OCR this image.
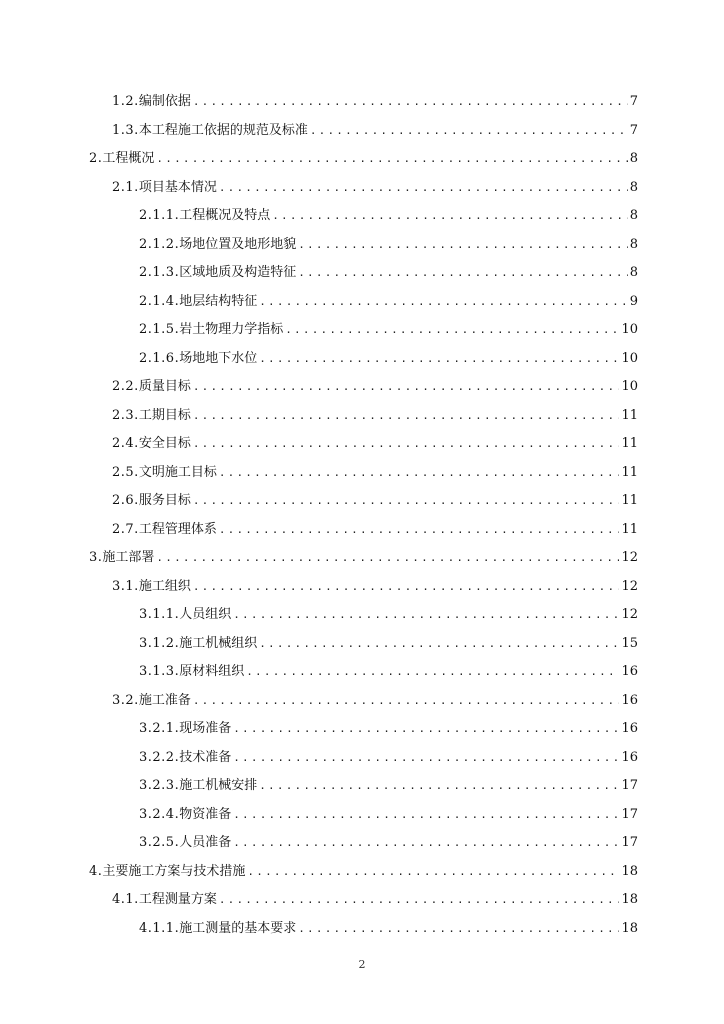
1.2. 编制依据 .....	7
1.3. 本工程施工依据的规范及标准 .....	7
2. 工程概况 .....	8
2.1. 项目基本情况 .....	8
2.1.1. 工程概况及特点 .....	8
2.1.2. 场地位置及地形地貌 .....	8
2.1.3. 区域地质及构造特征 .....	8
2.1.4. 地层结构特征 .....	9
2.1.5. 岩土物理力学指标 .....	10
2.1.6. 场地地下水位 .....	10
2.2. 质量目标 .....	10
2.3. 工期目标 .....	11
2.4. 安全目标 .....	11
2.5. 文明施工目标 .....	11
2.6. 服务目标 .....	11
2.7. 工程管理体系 .....	11
3. 施工部署 .....	12
3.1. 施工组织 .....	12
3.1.1. 人员组织 .....	12
3.1.2. 施工机械组织 .....	15
3.1.3. 原材料组织 .....	16
3.2. 施工准备 .....	16
3.2.1. 现场准备 .....	16
3.2.2. 技术准备 .....	16
3.2.3. 施工机械安排 .....	17
3.2.4. 物资准备 .....	17
3.2.5. 人员准备 .....	17
4. 主要施工方案与技术措施 .....	18
4.1. 工程测量方案 .....	18
4.1.1. 施工测量的基本要求 .....	18
2
